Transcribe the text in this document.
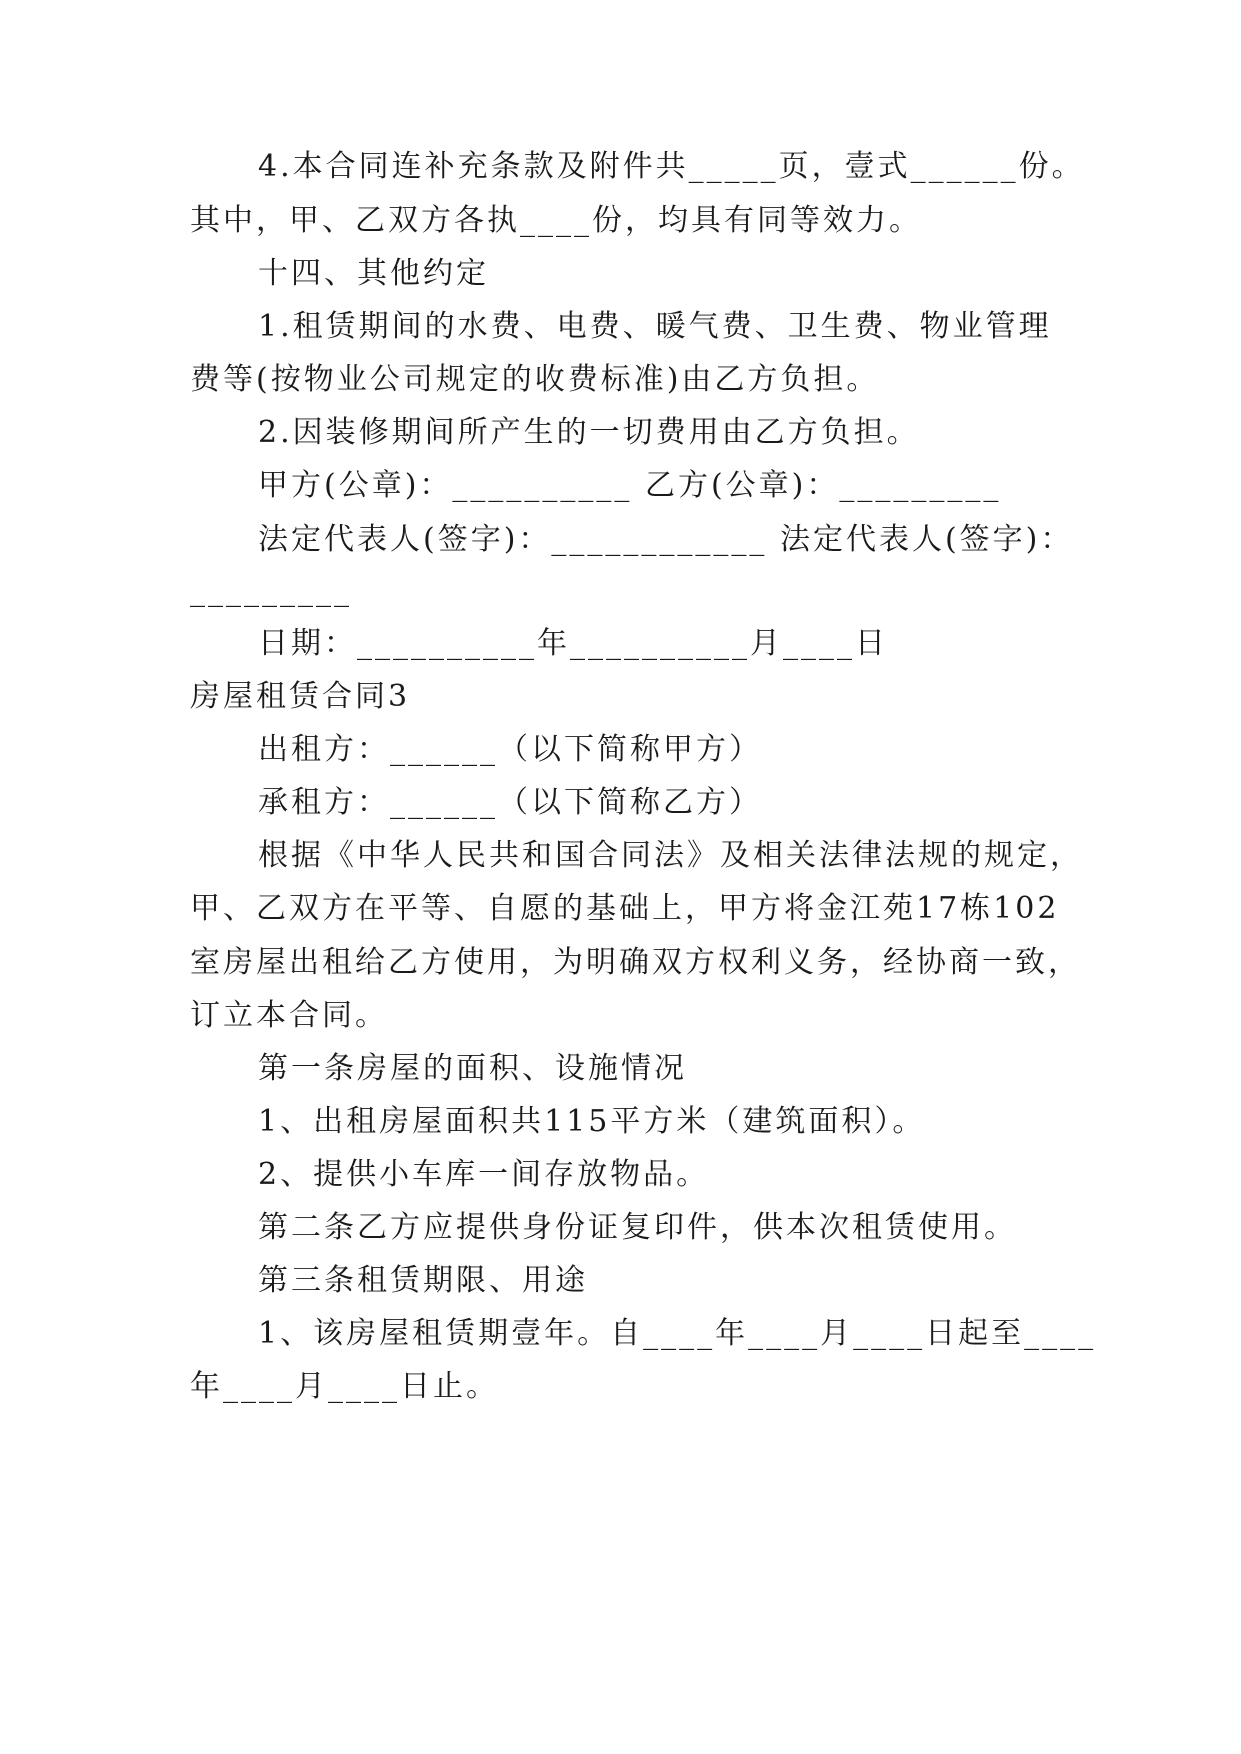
4.本合同连补充条款及附件共_____页，壹式______份。
其中，甲、乙双方各执____份，均具有同等效力。
十四、其他约定
1.租赁期间的水费、电费、暖气费、卫生费、物业管理
费等(按物业公司规定的收费标准)由乙方负担。
2.因装修期间所产生的一切费用由乙方负担。
甲方(公章)：__________ 乙方(公章)：_________
法定代表人(签字)：____________ 法定代表人(签字)：
_________
日期：__________年__________月____日
房屋租赁合同3
出租方：______（以下简称甲方）
承租方：______（以下简称乙方）
根据《中华人民共和国合同法》及相关法律法规的规定，
甲、乙双方在平等、自愿的基础上，甲方将金江苑17栋102
室房屋出租给乙方使用，为明确双方权利义务，经协商一致，
订立本合同。
第一条房屋的面积、设施情况
1、出租房屋面积共115平方米（建筑面积）。
2、提供小车库一间存放物品。
第二条乙方应提供身份证复印件，供本次租赁使用。
第三条租赁期限、用途
1、该房屋租赁期壹年。自____年____月____日起至____
年____月____日止。
